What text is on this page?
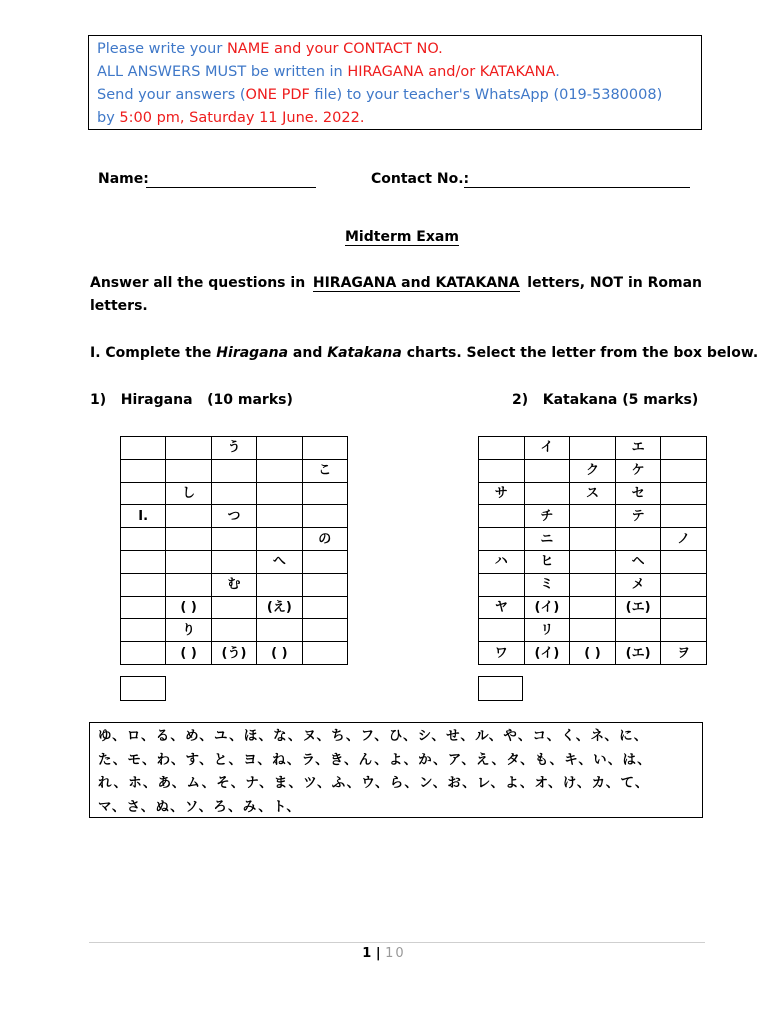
Please write your NAME and your CONTACT NO.
ALL ANSWERS MUST be written in HIRAGANA and/or KATAKANA.
Send your answers (ONE PDF file) to your teacher's WhatsApp (019-5380008)
by 5:00 pm, Saturday 11 June. 2022.
Name:	Contact No.:
Midterm Exam
Answer all the questions in HIRAGANA and KATAKANA letters, NOT in Roman
letters.
I. Complete the Hiragana and Katakana charts. Select the letter from the box below.
1) Hiragana (10 marks)	2) Katakana (5 marks)
		う		
				こ
	し			
I.		つ		
				の
			へ	
		む		
	( )		(え)	
	り			
	( )	(う)	( )	
	イ		エ	
		ク	ケ	
サ		ス	セ	
	チ		テ	
	ニ			ノ
ハ	ヒ		ヘ	
	ミ		メ	
ヤ	(イ)		(エ)	
	リ			
ワ	(イ)	( )	(エ)	ヲ
ゆ、ロ、る、め、ユ、ほ、な、ヌ、ち、フ、ひ、シ、せ、ル、や、コ、く、ネ、に、
た、モ、わ、す、と、ヨ、ね、ラ、き、ん、よ、か、ア、え、タ、も、キ、い、は、
れ、ホ、あ、ム、そ、ナ、ま、ツ、ふ、ウ、ら、ン、お、レ、よ、オ、け、カ、て、
マ、さ、ぬ、ソ、ろ、み、ト、
1 | 10
